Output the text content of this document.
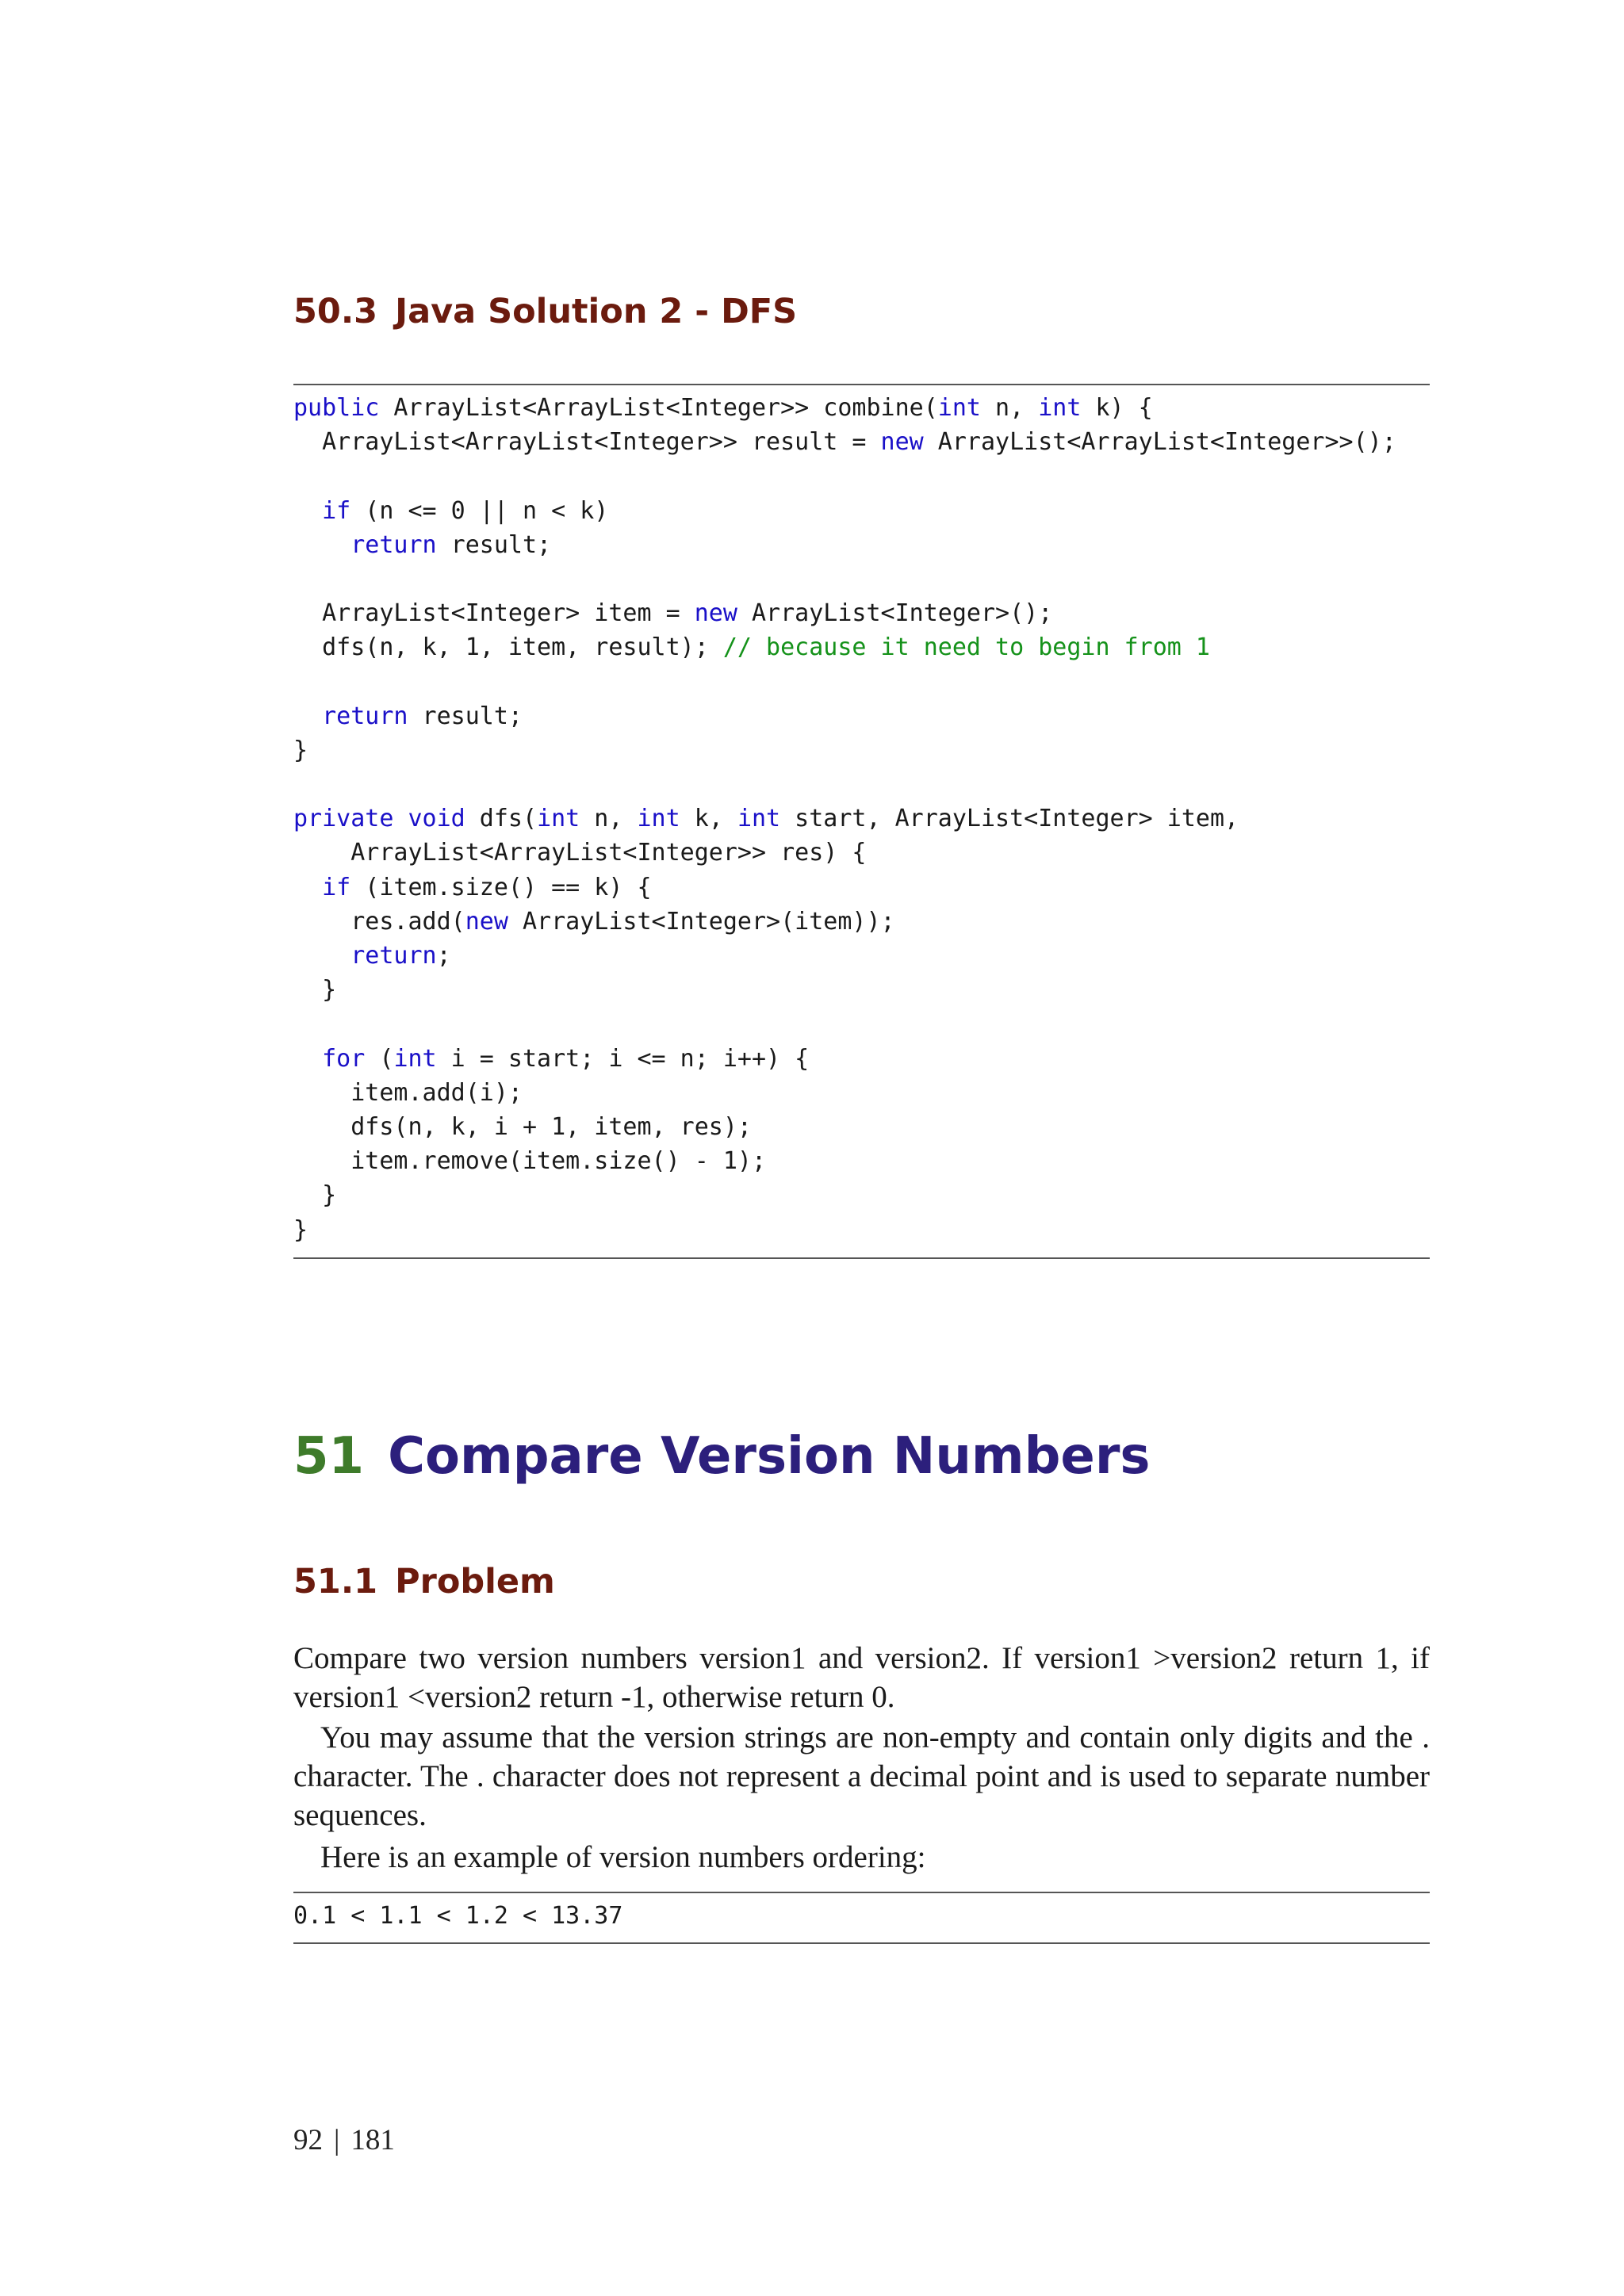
50.3 Java Solution 2 - DFS
public ArrayList<ArrayList<Integer>> combine(int n, int k) {
ArrayList<ArrayList<Integer>> result = new ArrayList<ArrayList<Integer>>();
if (n <= 0 || n < k)
return result;
ArrayList<Integer> item = new ArrayList<Integer>();
dfs(n, k, 1, item, result); // because it need to begin from 1
return result;
}
private void dfs(int n, int k, int start, ArrayList<Integer> item,
ArrayList<ArrayList<Integer>> res) {
if (item.size() == k) {
res.add(new ArrayList<Integer>(item));
return;
}
for (int i = start; i <= n; i++) {
item.add(i);
dfs(n, k, i + 1, item, res);
item.remove(item.size() - 1);
}
}
51 Compare Version Numbers
51.1 Problem

Compare two version numbers version1 and version2. If version1 >version2 return 1, if version1 <version2 return -1, otherwise return 0.

You may assume that the version strings are non-empty and contain only digits and the . character. The . character does not represent a decimal point and is used to separate number sequences.

Here is an example of version numbers ordering:

0.1 < 1.1 < 1.2 < 13.37

92 | 181
